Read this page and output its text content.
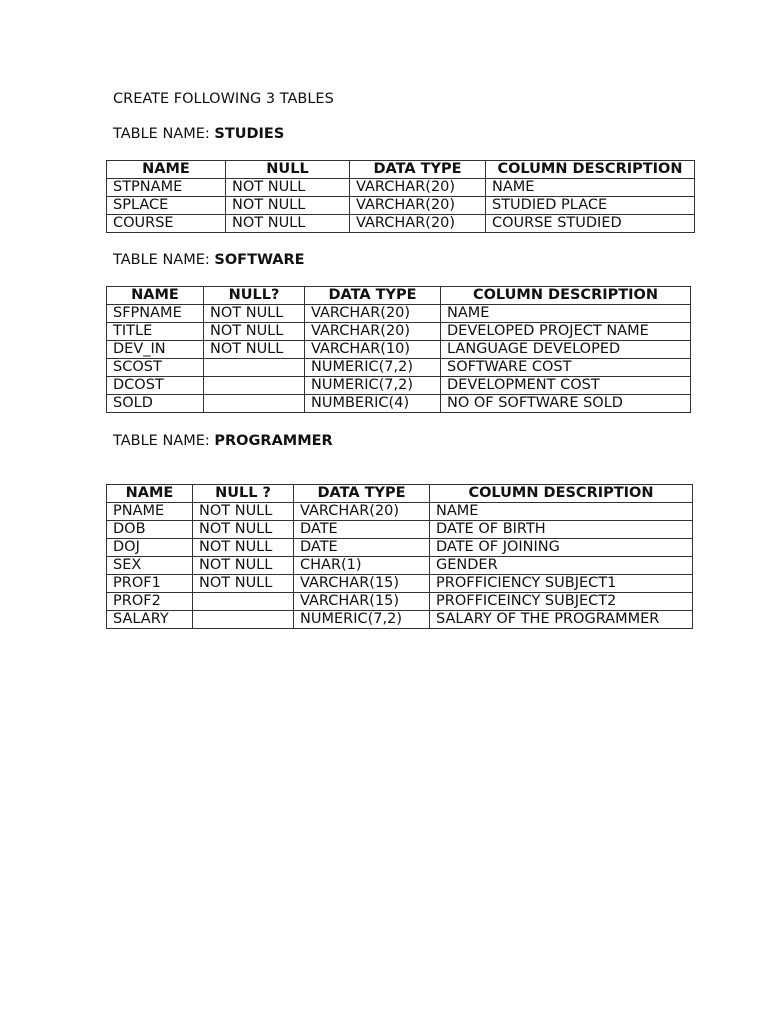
CREATE FOLLOWING 3 TABLES
TABLE NAME: STUDIES
NAME	NULL	DATA TYPE	COLUMN DESCRIPTION
STPNAME	NOT NULL	VARCHAR(20)	NAME
SPLACE	NOT NULL	VARCHAR(20)	STUDIED PLACE
COURSE	NOT NULL	VARCHAR(20)	COURSE STUDIED
TABLE NAME: SOFTWARE
NAME	NULL?	DATA TYPE	COLUMN DESCRIPTION
SFPNAME	NOT NULL	VARCHAR(20)	NAME
TITLE	NOT NULL	VARCHAR(20)	DEVELOPED PROJECT NAME
DEV_IN	NOT NULL	VARCHAR(10)	LANGUAGE DEVELOPED
SCOST		NUMERIC(7,2)	SOFTWARE COST
DCOST		NUMERIC(7,2)	DEVELOPMENT COST
SOLD		NUMBERIC(4)	NO OF SOFTWARE SOLD
TABLE NAME: PROGRAMMER
NAME	NULL ?	DATA TYPE	COLUMN DESCRIPTION
PNAME	NOT NULL	VARCHAR(20)	NAME
DOB	NOT NULL	DATE	DATE OF BIRTH
DOJ	NOT NULL	DATE	DATE OF JOINING
SEX	NOT NULL	CHAR(1)	GENDER
PROF1	NOT NULL	VARCHAR(15)	PROFFICIENCY SUBJECT1
PROF2		VARCHAR(15)	PROFFICEINCY SUBJECT2
SALARY		NUMERIC(7,2)	SALARY OF THE PROGRAMMER
